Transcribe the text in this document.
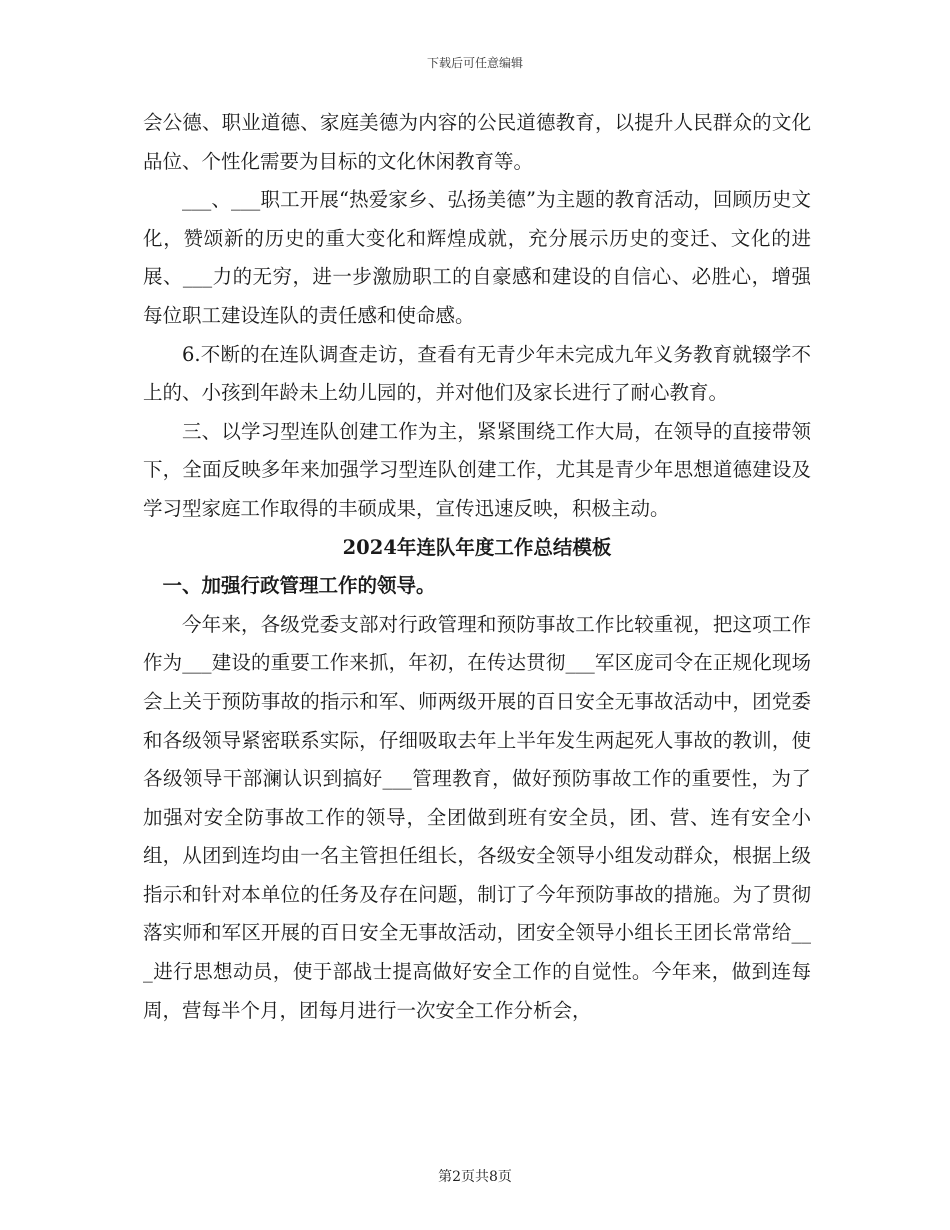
下载后可任意编辑

会公德、职业道德、家庭美德为内容的公民道德教育，以提升人民群众的文化品位、个性化需要为目标的文化休闲教育等。

___、___职工开展“热爱家乡、弘扬美德”为主题的教育活动，回顾历史文化，赞颂新的历史的重大变化和辉煌成就，充分展示历史的变迁、文化的进展、___力的无穷，进一步激励职工的自豪感和建设的自信心、必胜心，增强每位职工建设连队的责任感和使命感。

6.不断的在连队调查走访，查看有无青少年未完成九年义务教育就辍学不上的、小孩到年龄未上幼儿园的，并对他们及家长进行了耐心教育。

三、以学习型连队创建工作为主，紧紧围绕工作大局，在领导的直接带领下，全面反映多年来加强学习型连队创建工作，尤其是青少年思想道德建设及学习型家庭工作取得的丰硕成果，宣传迅速反映，积极主动。

2024年连队年度工作总结模板

一、加强行政管理工作的领导。

今年来，各级党委支部对行政管理和预防事故工作比较重视，把这项工作作为___建设的重要工作来抓，年初，在传达贯彻___军区庞司令在正规化现场会上关于预防事故的指示和军、师两级开展的百日安全无事故活动中，团党委和各级领导紧密联系实际，仔细吸取去年上半年发生两起死人事故的教训，使各级领导干部澜认识到搞好___管理教育，做好预防事故工作的重要性，为了加强对安全防事故工作的领导，全团做到班有安全员，团、营、连有安全小组，从团到连均由一名主管担任组长，各级安全领导小组发动群众，根据上级指示和针对本单位的任务及存在问题，制订了今年预防事故的措施。为了贯彻落实师和军区开展的百日安全无事故活动，团安全领导小组长王团长常常给___进行思想动员，使于部战士提高做好安全工作的自觉性。今年来，做到连每周，营每半个月，团每月进行一次安全工作分析会，

第2页共8页
